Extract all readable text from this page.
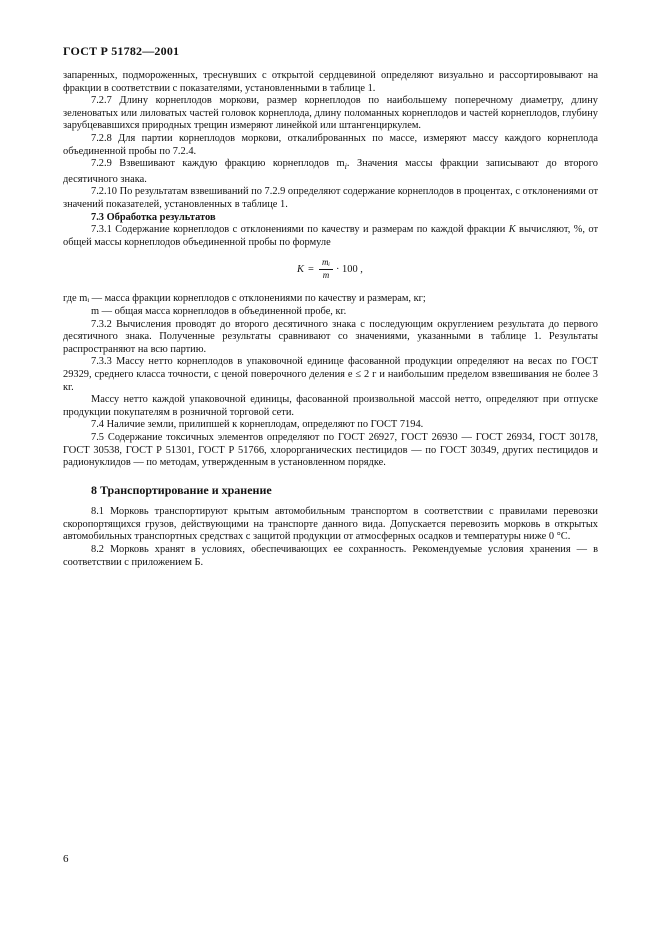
ГОСТ Р 51782—2001

запаренных, подмороженных, треснувших с открытой сердцевиной определяют визуально и рассортировывают на фракции в соответствии с показателями, установленными в таблице 1.

7.2.7 Длину корнеплодов моркови, размер корнеплодов по наибольшему поперечному диаметру, длину зеленоватых или лиловатых частей головок корнеплода, длину поломанных корнеплодов и частей корнеплодов, глубину зарубцевавшихся природных трещин измеряют линейкой или штангенциркулем.

7.2.8 Для партии корнеплодов моркови, откалиброванных по массе, измеряют массу каждого корнеплода объединенной пробы по 7.2.4.

7.2.9 Взвешивают каждую фракцию корнеплодов $m_i$. Значения массы фракции записывают до второго десятичного знака.

7.2.10 По результатам взвешиваний по 7.2.9 определяют содержание корнеплодов в процентах, с отклонениями от значений показателей, установленных в таблице 1.

7.3 Обработка результатов

7.3.1 Содержание корнеплодов с отклонениями по качеству и размерам по каждой фракции K вычисляют, %, от общей массы корнеплодов объединенной пробы по формуле

$K = \frac{\text{mᵢ}}{m} \cdot 100$ ,

где mᵢ — масса фракции корнеплодов с отклонениями по качеству и размерам, кг;

m — общая масса корнеплодов в объединенной пробе, кг.

7.3.2 Вычисления проводят до второго десятичного знака с последующим округлением результата до первого десятичного знака. Полученные результаты сравнивают со значениями, указанными в таблице 1. Результаты распространяют на всю партию.

7.3.3 Массу нетто корнеплодов в упаковочной единице фасованной продукции определяют на весах по ГОСТ 29329, среднего класса точности, с ценой поверочного деления e ≤ 2 г и наибольшим пределом взвешивания не более 3 кг.

Массу нетто каждой упаковочной единицы, фасованной произвольной массой нетто, определяют при отпуске продукции покупателям в розничной торговой сети.

7.4 Наличие земли, прилипшей к корнеплодам, определяют по ГОСТ 7194.

7.5 Содержание токсичных элементов определяют по ГОСТ 26927, ГОСТ 26930 — ГОСТ 26934, ГОСТ 30178, ГОСТ 30538, ГОСТ Р 51301, ГОСТ Р 51766, хлорорганических пестицидов — по ГОСТ 30349, других пестицидов и радионуклидов — по методам, утвержденным в установленном порядке.

8 Транспортирование и хранение

8.1 Морковь транспортируют крытым автомобильным транспортом в соответствии с правилами перевозки скоропортящихся грузов, действующими на транспорте данного вида. Допускается перевозить морковь в открытых автомобильных транспортных средствах с защитой продукции от атмосферных осадков и температуры ниже 0 °С.

8.2 Морковь хранят в условиях, обеспечивающих ее сохранность. Рекомендуемые условия хранения — в соответствии с приложением Б.

6
